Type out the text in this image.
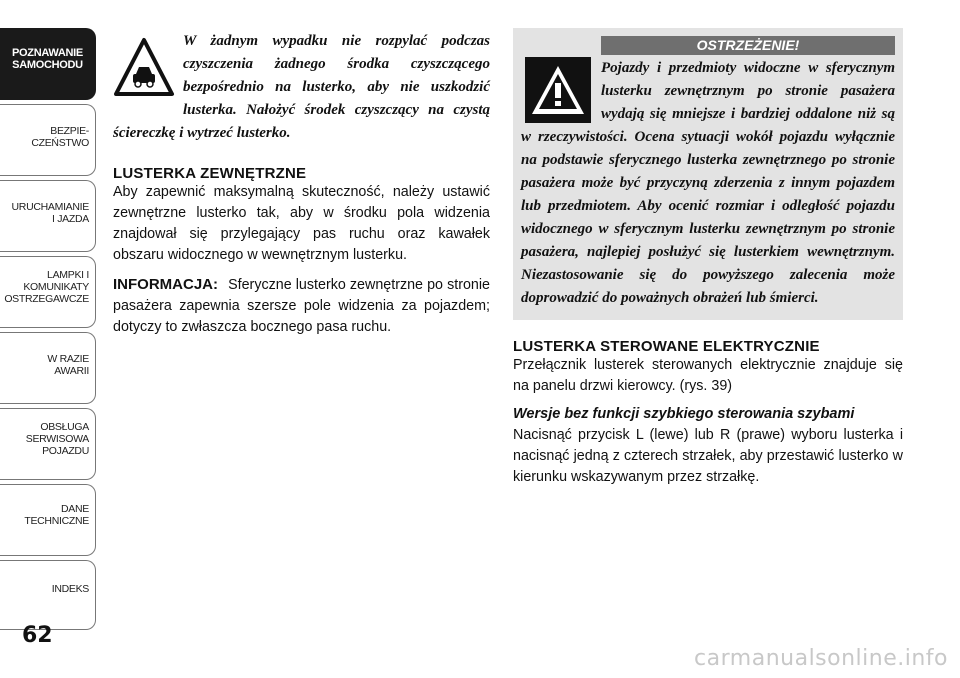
POZNAWANIE
SAMOCHODU
BEZPIE-
CZEŃSTWO
URUCHAMIANIE
I JAZDA
LAMPKI I
KOMUNIKATY
OSTRZEGAWCZE
W RAZIE
AWARII
OBSŁUGA
SERWISOWA
POJAZDU
DANE
TECHNICZNE
INDEKS
62

W żadnym wypadku nie rozpylać podczas czyszczenia żadnego środka czyszczącego bezpośrednio na lusterko, aby nie uszkodzić lusterka. Nałożyć środek czyszczący na czystą ściereczkę i wytrzeć lusterko.

LUSTERKA ZEWNĘTRZNE

Aby zapewnić maksymalną skuteczność, należy ustawić zewnętrzne lusterko tak, aby w środku pola widzenia znajdował się przylegający pas ruchu oraz kawałek obszaru widocznego w wewnętrznym lusterku.

INFORMACJA: Sferyczne lusterko zewnętrzne po stronie pasażera zapewnia szersze pole widzenia za pojazdem; dotyczy to zwłaszcza bocznego pasa ruchu.

OSTRZEŻENIE!

Pojazdy i przedmioty widoczne w sferycznym lusterku zewnętrznym po stronie pasażera wydają się mniejsze i bardziej oddalone niż są w rzeczywistości. Ocena sytuacji wokół pojazdu wyłącznie na podstawie sferycznego lusterka zewnętrznego po stronie pasażera może być przyczyną zderzenia z innym pojazdem lub przedmiotem. Aby ocenić rozmiar i odległość pojazdu widocznego w sferycznym lusterku zewnętrznym po stronie pasażera, najlepiej posłużyć się lusterkiem wewnętrznym. Niezastosowanie się do powyższego zalecenia może doprowadzić do poważnych obrażeń lub śmierci.

LUSTERKA STEROWANE ELEKTRYCZNIE

Przełącznik lusterek sterowanych elektrycznie znajduje się na panelu drzwi kierowcy. (rys. 39)

Wersje bez funkcji szybkiego sterowania szybami

Nacisnąć przycisk L (lewe) lub R (prawe) wyboru lusterka i nacisnąć jedną z czterech strzałek, aby przestawić lusterko w kierunku wskazywanym przez strzałkę.

carmanualsonline.info
